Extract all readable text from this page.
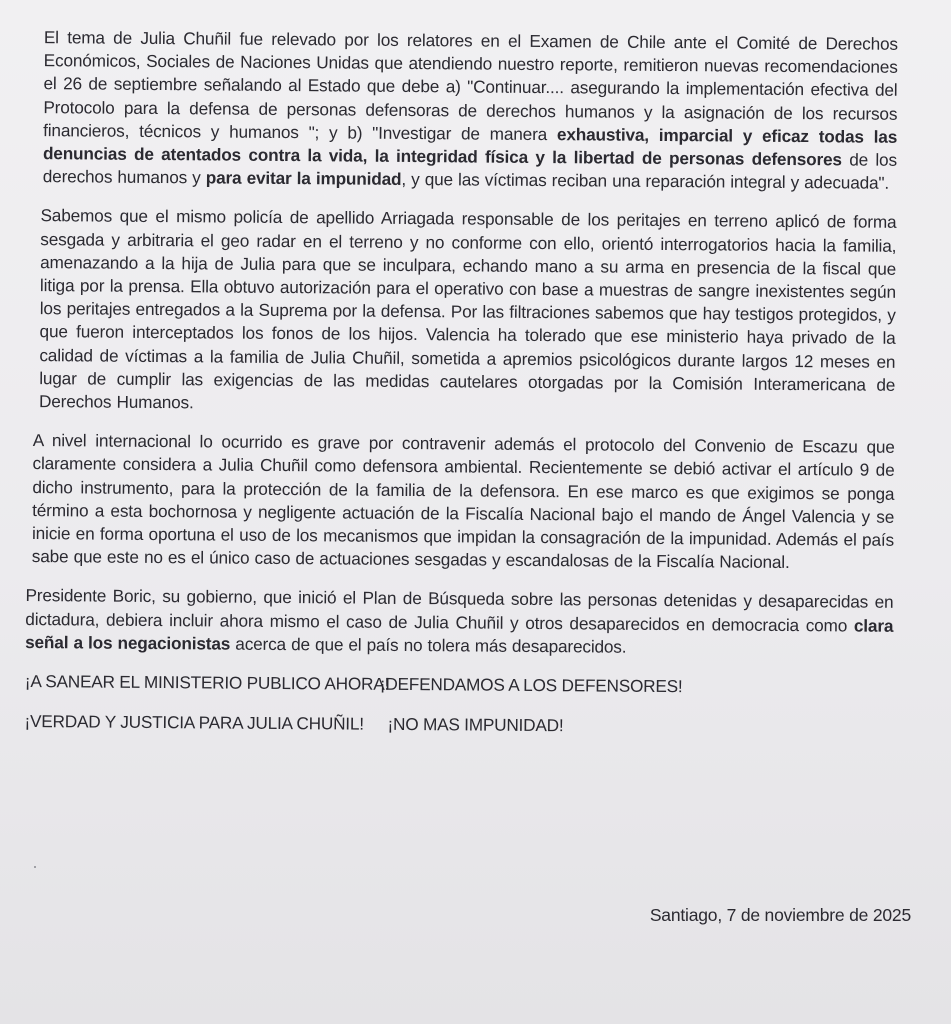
El tema de Julia Chuñil fue relevado por los relatores en el Examen de Chile ante el Comité de Derechos Económicos, Sociales de Naciones Unidas que atendiendo nuestro reporte, remitieron nuevas recomendaciones el 26 de septiembre señalando al Estado que debe a) "Continuar.... asegurando la implementación efectiva del Protocolo para la defensa de personas defensoras de derechos humanos y la asignación de los recursos financieros, técnicos y humanos "; y b) "Investigar de manera exhaustiva, imparcial y eficaz todas las denuncias de atentados contra la vida, la integridad física y la libertad de personas defensores de los derechos humanos y para evitar la impunidad, y que las víctimas reciban una reparación integral y adecuada".

Sabemos que el mismo policía de apellido Arriagada responsable de los peritajes en terreno aplicó de forma sesgada y arbitraria el geo radar en el terreno y no conforme con ello, orientó interrogatorios hacia la familia, amenazando a la hija de Julia para que se inculpara, echando mano a su arma en presencia de la fiscal que litiga por la prensa. Ella obtuvo autorización para el operativo con base a muestras de sangre inexistentes según los peritajes entregados a la Suprema por la defensa. Por las filtraciones sabemos que hay testigos protegidos, y que fueron interceptados los fonos de los hijos. Valencia ha tolerado que ese ministerio haya privado de la calidad de víctimas a la familia de Julia Chuñil, sometida a apremios psicológicos durante largos 12 meses en lugar de cumplir las exigencias de las medidas cautelares otorgadas por la Comisión Interamericana de Derechos Humanos.

A nivel internacional lo ocurrido es grave por contravenir además el protocolo del Convenio de Escazu que claramente considera a Julia Chuñil como defensora ambiental. Recientemente se debió activar el artículo 9 de dicho instrumento, para la protección de la familia de la defensora. En ese marco es que exigimos se ponga término a esta bochornosa y negligente actuación de la Fiscalía Nacional bajo el mando de Ángel Valencia y se inicie en forma oportuna el uso de los mecanismos que impidan la consagración de la impunidad. Además el país sabe que este no es el único caso de actuaciones sesgadas y escandalosas de la Fiscalía Nacional.

Presidente Boric, su gobierno, que inició el Plan de Búsqueda sobre las personas detenidas y desaparecidas en dictadura, debiera incluir ahora mismo el caso de Julia Chuñil y otros desaparecidos en democracia como clara señal a los negacionistas acerca de que el país no tolera más desaparecidos.

¡A SANEAR EL MINISTERIO PUBLICO AHORA!
¡DEFENDAMOS A LOS DEFENSORES!
¡VERDAD Y JUSTICIA PARA JULIA CHUÑIL!	¡NO MAS IMPUNIDAD!
Santiago, 7 de noviembre de 2025
